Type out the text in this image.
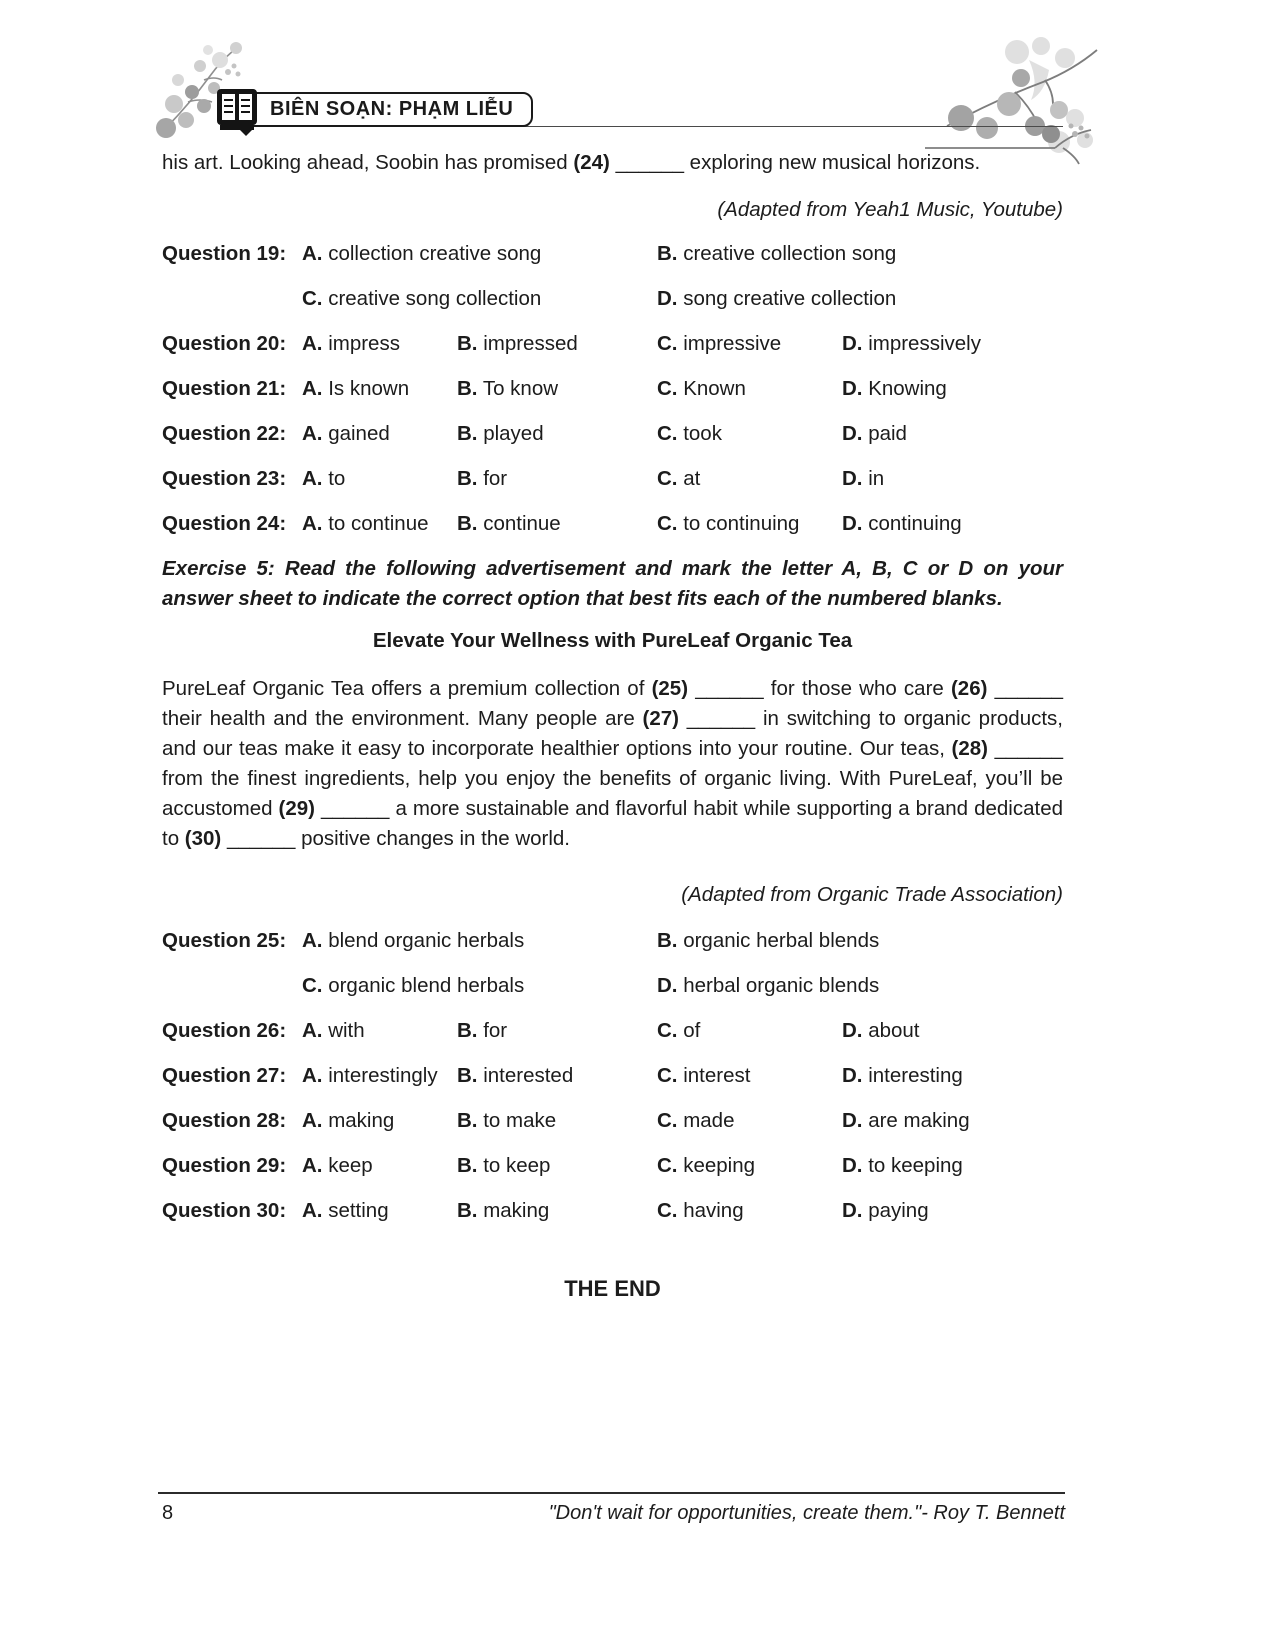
BIÊN SOẠN: PHẠM LIỄU

his art. Looking ahead, Soobin has promised (24) ______ exploring new musical horizons.

(Adapted from Yeah1 Music, Youtube)

Question 19: A. collection creative song	B. creative collection song
C. creative song collection	D. song creative collection
Question 20: A. impress	B. impressed	C. impressive	D. impressively
Question 21: A. Is known	B. To know	C. Known	D. Knowing
Question 22: A. gained	B. played	C. took	D. paid
Question 23: A. to	B. for	C. at	D. in
Question 24: A. to continue	B. continue	C. to continuing	D. continuing

Exercise 5: Read the following advertisement and mark the letter A, B, C or D on your answer sheet to indicate the correct option that best fits each of the numbered blanks.

Elevate Your Wellness with PureLeaf Organic Tea

PureLeaf Organic Tea offers a premium collection of (25) ______ for those who care (26) ______ their health and the environment. Many people are (27) ______ in switching to organic products, and our teas make it easy to incorporate healthier options into your routine. Our teas, (28) ______ from the finest ingredients, help you enjoy the benefits of organic living. With PureLeaf, you’ll be accustomed (29) ______ a more sustainable and flavorful habit while supporting a brand dedicated to (30) ______ positive changes in the world.

(Adapted from Organic Trade Association)

Question 25: A. blend organic herbals	B. organic herbal blends
C. organic blend herbals	D. herbal organic blends
Question 26: A. with	B. for	C. of	D. about
Question 27: A. interestingly B. interested	C. interest	D. interesting
Question 28: A. making	B. to make	C. made	D. are making
Question 29: A. keep	B. to keep	C. keeping	D. to keeping
Question 30: A. setting	B. making	C. having	D. paying

THE END

8	"Don't wait for opportunities, create them."- Roy T. Bennett
